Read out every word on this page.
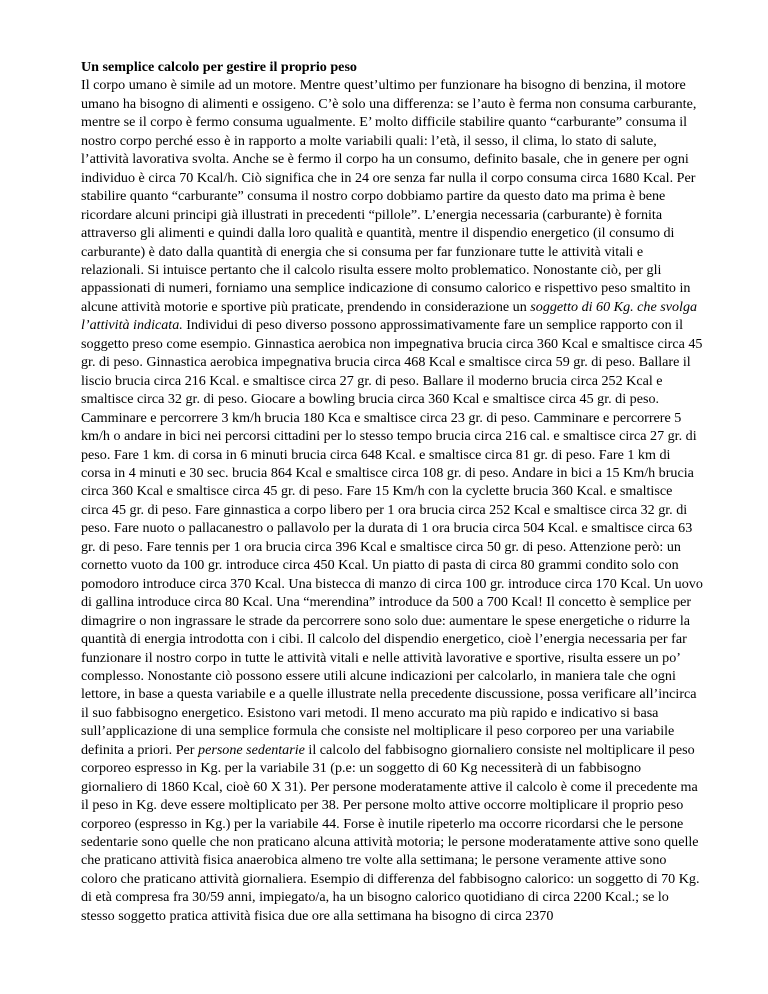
Un semplice calcolo per gestire il proprio peso

Il corpo umano è simile ad un motore. Mentre quest’ultimo per funzionare ha bisogno di benzina, il motore umano ha bisogno di alimenti e ossigeno. C’è solo una differenza: se l’auto è ferma non consuma carburante, mentre se il corpo è fermo consuma ugualmente. E’ molto difficile stabilire quanto “carburante” consuma il nostro corpo perché esso è in rapporto a molte variabili quali: l’età, il sesso, il clima, lo stato di salute, l’attività lavorativa svolta. Anche se è fermo il corpo ha un consumo, definito basale, che in genere per ogni individuo è circa 70 Kcal/h. Ciò significa che in 24 ore senza far nulla il corpo consuma circa 1680 Kcal. Per stabilire quanto “carburante” consuma il nostro corpo dobbiamo partire da questo dato ma prima è bene ricordare alcuni principi già illustrati in precedenti “pillole”. L’energia necessaria (carburante) è fornita attraverso gli alimenti e quindi dalla loro qualità e quantità, mentre il dispendio energetico (il consumo di carburante) è dato dalla quantità di energia che si consuma per far funzionare tutte le attività vitali e relazionali. Si intuisce pertanto che il calcolo risulta essere molto problematico. Nonostante ciò, per gli appassionati di numeri, forniamo una semplice indicazione di consumo calorico e rispettivo peso smaltito in alcune attività motorie e sportive più praticate, prendendo in considerazione un soggetto di 60 Kg. che svolga l’attività indicata. Individui di peso diverso possono approssimativamente fare un semplice rapporto con il soggetto preso come esempio. Ginnastica aerobica non impegnativa brucia circa 360 Kcal e smaltisce circa 45 gr. di peso. Ginnastica aerobica impegnativa brucia circa 468 Kcal e smaltisce circa 59 gr. di peso. Ballare il liscio brucia circa 216 Kcal. e smaltisce circa 27 gr. di peso. Ballare il moderno brucia circa 252 Kcal e smaltisce circa 32 gr. di peso. Giocare a bowling brucia circa 360 Kcal e smaltisce circa 45 gr. di peso. Camminare e percorrere 3 km/h brucia 180 Kca e smaltisce circa 23 gr. di peso. Camminare e percorrere 5 km/h o andare in bici nei percorsi cittadini per lo stesso tempo brucia circa 216 cal. e smaltisce circa 27 gr. di peso. Fare 1 km. di corsa in 6 minuti brucia circa 648 Kcal. e smaltisce circa 81 gr. di peso. Fare 1 km di corsa in 4 minuti e 30 sec. brucia 864 Kcal e smaltisce circa 108 gr. di peso. Andare in bici a 15 Km/h brucia circa 360 Kcal e smaltisce circa 45 gr. di peso. Fare 15 Km/h con la cyclette brucia 360 Kcal. e smaltisce circa 45 gr. di peso. Fare ginnastica a corpo libero per 1 ora brucia circa 252 Kcal e smaltisce circa 32 gr. di peso. Fare nuoto o pallacanestro o pallavolo per la durata di 1 ora brucia circa 504 Kcal. e smaltisce circa 63 gr. di peso. Fare tennis per 1 ora brucia circa 396 Kcal e smaltisce circa 50 gr. di peso. Attenzione però: un cornetto vuoto da 100 gr. introduce circa 450 Kcal. Un piatto di pasta di circa 80 grammi condito solo con pomodoro introduce circa 370 Kcal. Una bistecca di manzo di circa 100 gr. introduce circa 170 Kcal. Un uovo di gallina introduce circa 80 Kcal. Una “merendina” introduce da 500 a 700 Kcal! Il concetto è semplice per dimagrire o non ingrassare le strade da percorrere sono solo due: aumentare le spese energetiche o ridurre la quantità di energia introdotta con i cibi. Il calcolo del dispendio energetico, cioè l’energia necessaria per far funzionare il nostro corpo in tutte le attività vitali e nelle attività lavorative e sportive, risulta essere un po’ complesso. Nonostante ciò possono essere utili alcune indicazioni per calcolarlo, in maniera tale che ogni lettore, in base a questa variabile e a quelle illustrate nella precedente discussione, possa verificare all’incirca il suo fabbisogno energetico. Esistono vari metodi. Il meno accurato ma più rapido e indicativo si basa sull’applicazione di una semplice formula che consiste nel moltiplicare il peso corporeo per una variabile definita a priori. Per persone sedentarie il calcolo del fabbisogno giornaliero consiste nel moltiplicare il peso corporeo espresso in Kg. per la variabile 31 (p.e: un soggetto di 60 Kg necessiterà di un fabbisogno giornaliero di 1860 Kcal, cioè 60 X 31). Per persone moderatamente attive il calcolo è come il precedente ma il peso in Kg. deve essere moltiplicato per 38. Per persone molto attive occorre moltiplicare il proprio peso corporeo (espresso in Kg.) per la variabile 44. Forse è inutile ripeterlo ma occorre ricordarsi che le persone sedentarie sono quelle che non praticano alcuna attività motoria; le persone moderatamente attive sono quelle che praticano attività fisica anaerobica almeno tre volte alla settimana; le persone veramente attive sono coloro che praticano attività giornaliera. Esempio di differenza del fabbisogno calorico: un soggetto di 70 Kg. di età compresa fra 30/59 anni, impiegato/a, ha un bisogno calorico quotidiano di circa 2200 Kcal.; se lo stesso soggetto pratica attività fisica due ore alla settimana ha bisogno di circa 2370
